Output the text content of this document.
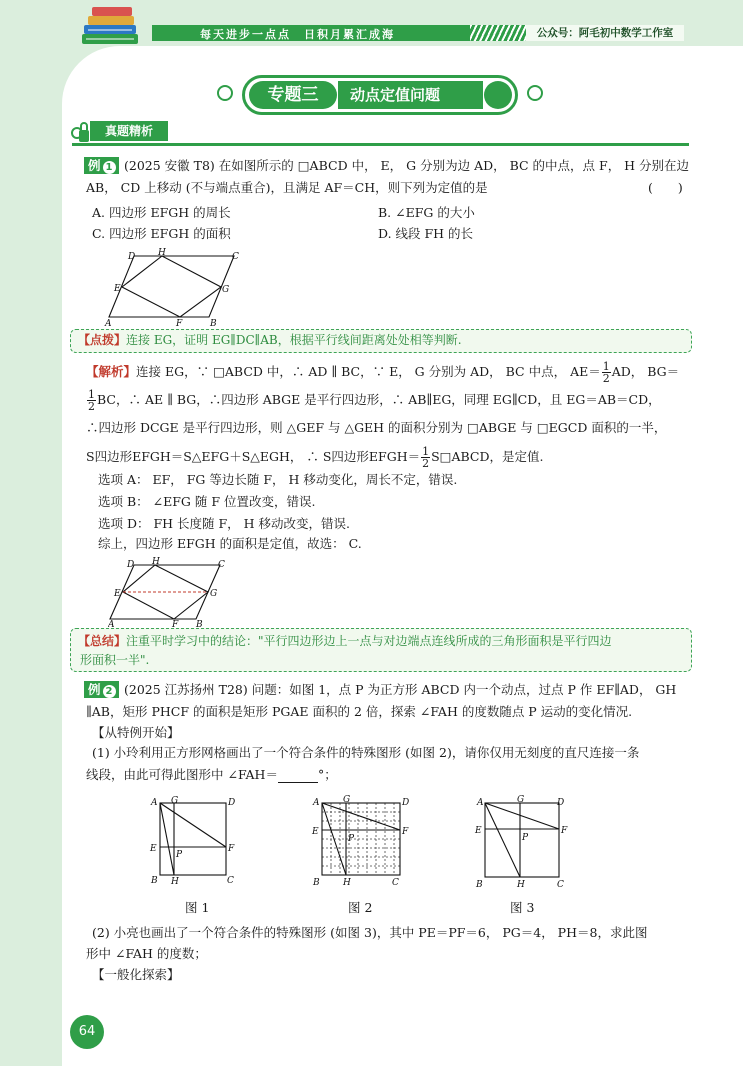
每天进步一点点　日积月累汇成海	公众号：阿毛初中数学工作室
专题三	动点定值问题
真题精析
例 1 (2025 安徽 T8) 在如图所示的 □ABCD 中， E， G 分别为边 AD， BC 的中点，点 F， H 分别在边
AB， CD 上移动 (不与端点重合)，且满足 AF＝CH，则下列为定值的是	(　　)
A. 四边形 EFGH 的周长	B. ∠EFG 的大小
C. 四边形 EFGH 的面积	D. 线段 FH 的长
D	H	C
E	G
A	F	B
【点拨】连接 EG，证明 EG∥DC∥AB，根据平行线间距离处处相等判断.
【解析】连接 EG，∵ □ABCD 中，∴ AD ∥ BC，∵ E， G 分别为 AD， BC 中点， $AE= \frac{1}{2}$ AD， BG＝
$\frac{1}{2}$ BC，∴ AE ∥ BG，∴四边形 ABGE 是平行四边形，∴ AB∥EG，同理 EG∥CD，且 EG＝AB＝CD，
∴四边形 DCGE 是平行四边形，则 △GEF 与 △GEH 的面积分别为 □ABGE 与 □EGCD 面积的一半，
S四边形EFGH＝S△EFG＋S△EGH， ∴ S四边形EFGH＝ $\frac{1}{2}$ S□ABCD，是定值.
选项 A： EF， FG 等边长随 F， H 移动变化，周长不定，错误.
选项 B： ∠EFG 随 F 位置改变，错误.
选项 D： FH 长度随 F， H 移动改变，错误.
综上，四边形 EFGH 的面积是定值，故选： C.
D H	C
E	G
A	F B
【总结】注重平时学习中的结论："平行四边形边上一点与对边端点连线所成的三角形面积是平行四边
形面积一半".
例 2 (2025 江苏扬州 T28) 问题：如图 1，点 P 为正方形 ABCD 内一个动点，过点 P 作 EF∥AD， GH
∥AB，矩形 PHCF 的面积是矩形 PGAE 面积的 2 倍，探索 ∠FAH 的度数随点 P 运动的变化情况.
【从特例开始】
(1) 小玲利用正方形网格画出了一个符合条件的特殊图形 (如图 2)，请你仅用无刻度的直尺连接一条
线段，由此可得此图形中 ∠FAH＝	°；
A G	D
E
P
F
B H	C
图 1
A	G	D
E
P
F
B	H	C
图 2
A	G	D
E
P
F
B	H	C
图 3
(2) 小亮也画出了一个符合条件的特殊图形 (如图 3)，其中 PE＝PF＝6， PG＝4， PH＝8，求此图
形中 ∠FAH 的度数；
【一般化探索】
64
